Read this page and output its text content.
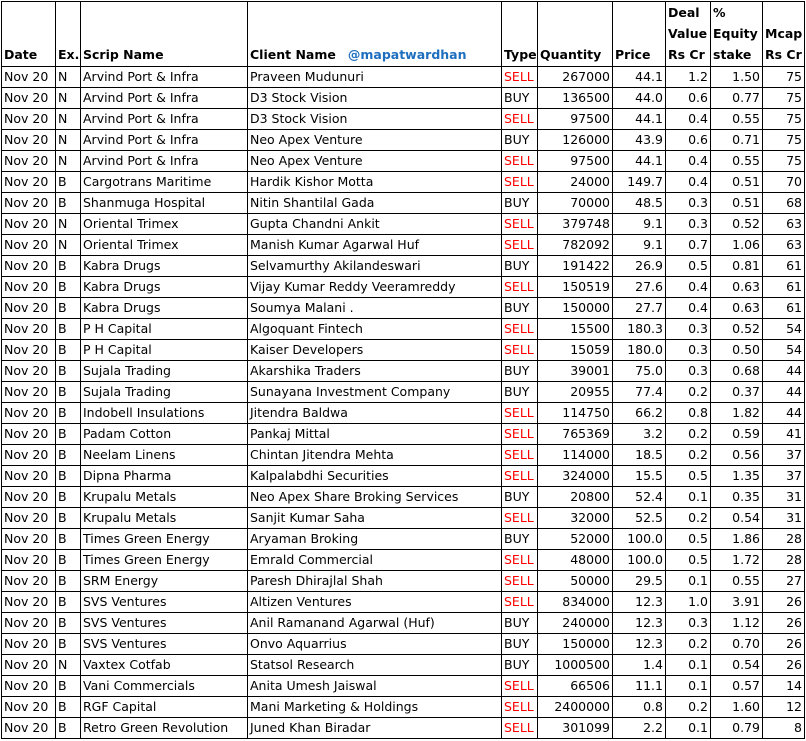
Date	Ex.	Scrip Name	Client Name @mapatwardhan	Type	Quantity	Price	Deal Value Rs Cr	% Equity stake	Mcap Rs Cr
Nov 20	N	Arvind Port & Infra	Praveen Mudunuri	SELL	267000	44.1	1.2	1.50	75
Nov 20	N	Arvind Port & Infra	D3 Stock Vision	BUY	136500	44.0	0.6	0.77	75
Nov 20	N	Arvind Port & Infra	D3 Stock Vision	SELL	97500	44.1	0.4	0.55	75
Nov 20	N	Arvind Port & Infra	Neo Apex Venture	BUY	126000	43.9	0.6	0.71	75
Nov 20	N	Arvind Port & Infra	Neo Apex Venture	SELL	97500	44.1	0.4	0.55	75
Nov 20	B	Cargotrans Maritime	Hardik Kishor Motta	SELL	24000	149.7	0.4	0.51	70
Nov 20	B	Shanmuga Hospital	Nitin Shantilal Gada	BUY	70000	48.5	0.3	0.51	68
Nov 20	N	Oriental Trimex	Gupta Chandni Ankit	SELL	379748	9.1	0.3	0.52	63
Nov 20	N	Oriental Trimex	Manish Kumar Agarwal Huf	SELL	782092	9.1	0.7	1.06	63
Nov 20	B	Kabra Drugs	Selvamurthy Akilandeswari	BUY	191422	26.9	0.5	0.81	61
Nov 20	B	Kabra Drugs	Vijay Kumar Reddy Veeramreddy	SELL	150519	27.6	0.4	0.63	61
Nov 20	B	Kabra Drugs	Soumya Malani .	BUY	150000	27.7	0.4	0.63	61
Nov 20	B	P H Capital	Algoquant Fintech	SELL	15500	180.3	0.3	0.52	54
Nov 20	B	P H Capital	Kaiser Developers	SELL	15059	180.0	0.3	0.50	54
Nov 20	B	Sujala Trading	Akarshika Traders	BUY	39001	75.0	0.3	0.68	44
Nov 20	B	Sujala Trading	Sunayana Investment Company	BUY	20955	77.4	0.2	0.37	44
Nov 20	B	Indobell Insulations	Jitendra Baldwa	SELL	114750	66.2	0.8	1.82	44
Nov 20	B	Padam Cotton	Pankaj Mittal	SELL	765369	3.2	0.2	0.59	41
Nov 20	B	Neelam Linens	Chintan Jitendra Mehta	SELL	114000	18.5	0.2	0.56	37
Nov 20	B	Dipna Pharma	Kalpalabdhi Securities	SELL	324000	15.5	0.5	1.35	37
Nov 20	B	Krupalu Metals	Neo Apex Share Broking Services	BUY	20800	52.4	0.1	0.35	31
Nov 20	B	Krupalu Metals	Sanjit Kumar Saha	SELL	32000	52.5	0.2	0.54	31
Nov 20	B	Times Green Energy	Aryaman Broking	BUY	52000	100.0	0.5	1.86	28
Nov 20	B	Times Green Energy	Emrald Commercial	SELL	48000	100.0	0.5	1.72	28
Nov 20	B	SRM Energy	Paresh Dhirajlal Shah	SELL	50000	29.5	0.1	0.55	27
Nov 20	B	SVS Ventures	Altizen Ventures	SELL	834000	12.3	1.0	3.91	26
Nov 20	B	SVS Ventures	Anil Ramanand Agarwal (Huf)	BUY	240000	12.3	0.3	1.12	26
Nov 20	B	SVS Ventures	Onvo Aquarrius	BUY	150000	12.3	0.2	0.70	26
Nov 20	N	Vaxtex Cotfab	Statsol Research	BUY	1000500	1.4	0.1	0.54	26
Nov 20	B	Vani Commercials	Anita Umesh Jaiswal	SELL	66506	11.1	0.1	0.57	14
Nov 20	B	RGF Capital	Mani Marketing & Holdings	SELL	2400000	0.8	0.2	1.60	12
Nov 20	B	Retro Green Revolution	Juned Khan Biradar	SELL	301099	2.2	0.1	0.79	8
